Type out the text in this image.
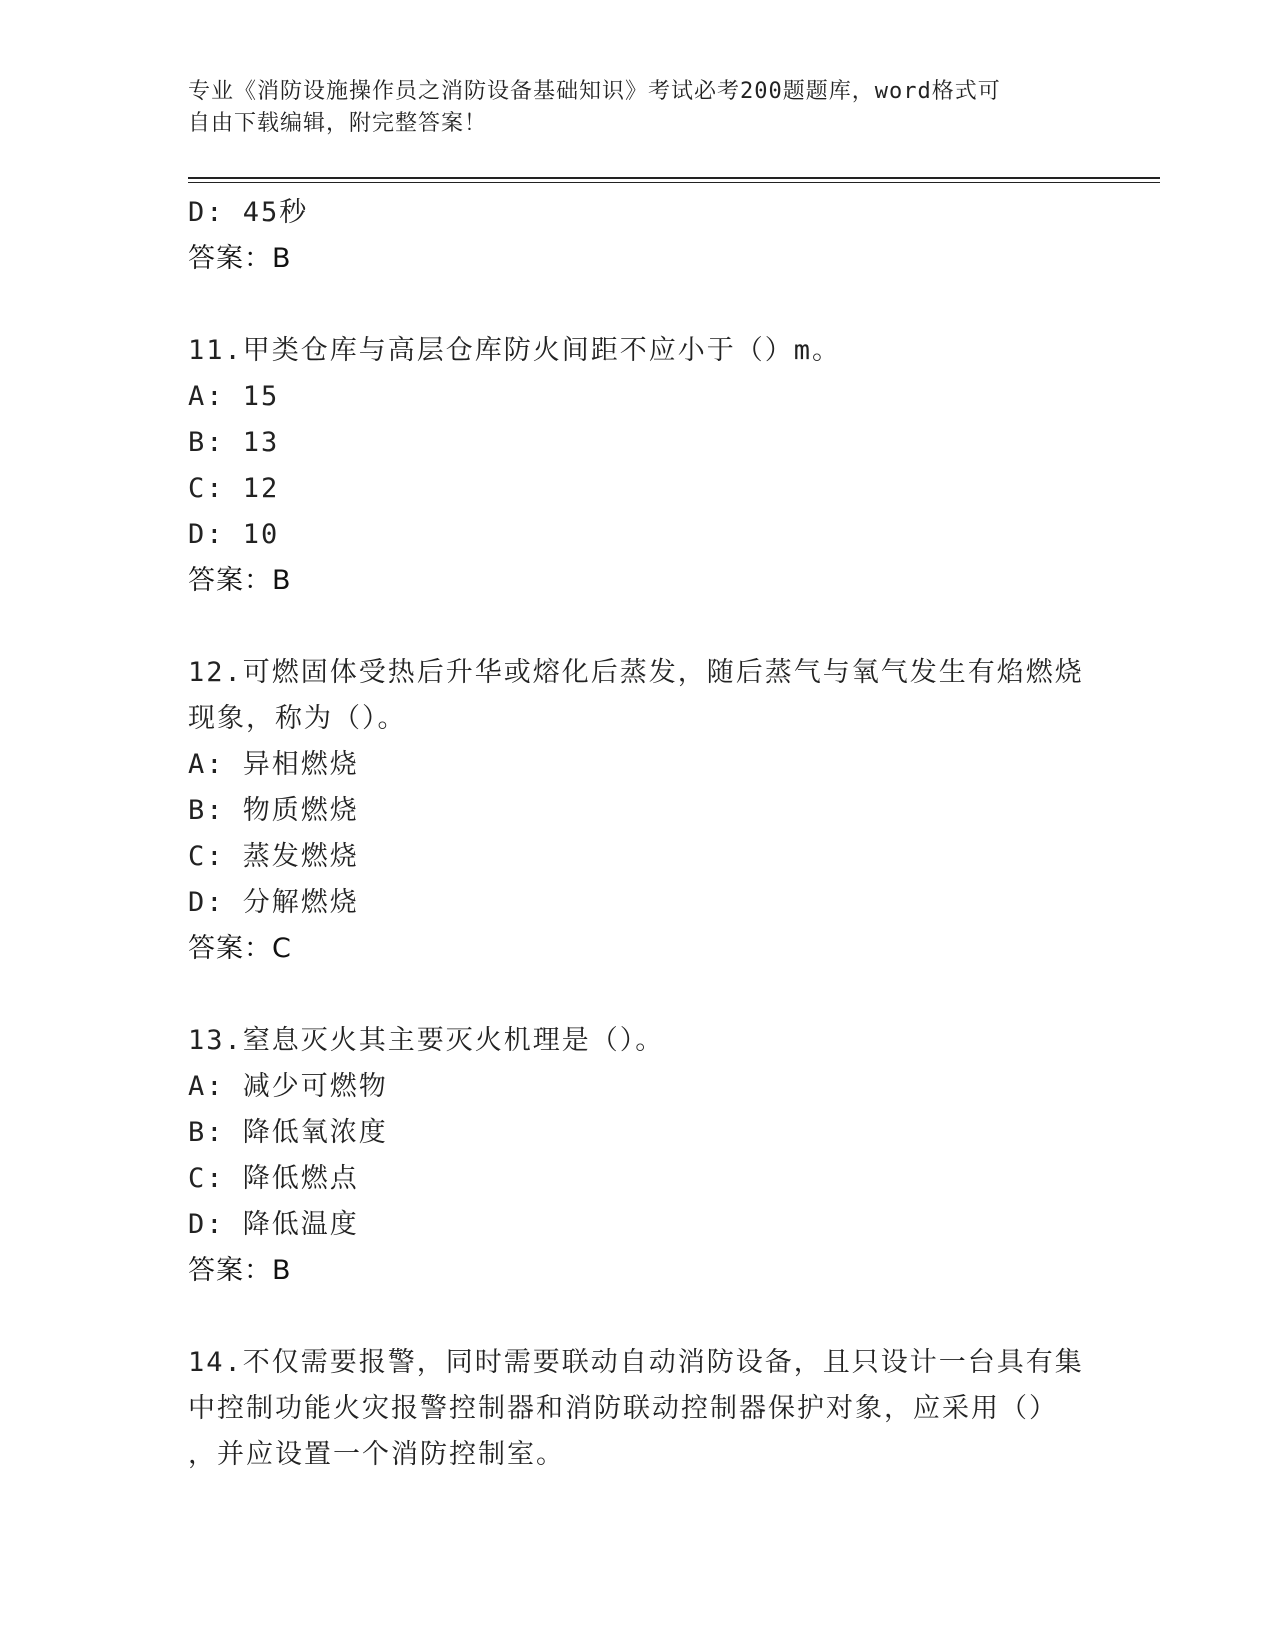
专业《消防设施操作员之消防设备基础知识》考试必考200题题库，word格式可
自由下载编辑，附完整答案！
D: 45秒
答案：B
11.甲类仓库与高层仓库防火间距不应小于（）m。
A: 15
B: 13
C: 12
D: 10
答案：B
12.可燃固体受热后升华或熔化后蒸发，随后蒸气与氧气发生有焰燃烧
现象，称为（）。
A: 异相燃烧
B: 物质燃烧
C: 蒸发燃烧
D: 分解燃烧
答案：C
13.窒息灭火其主要灭火机理是（）。
A: 减少可燃物
B: 降低氧浓度
C: 降低燃点
D: 降低温度
答案：B
14.不仅需要报警，同时需要联动自动消防设备，且只设计一台具有集
中控制功能火灾报警控制器和消防联动控制器保护对象，应采用（）
，并应设置一个消防控制室。
